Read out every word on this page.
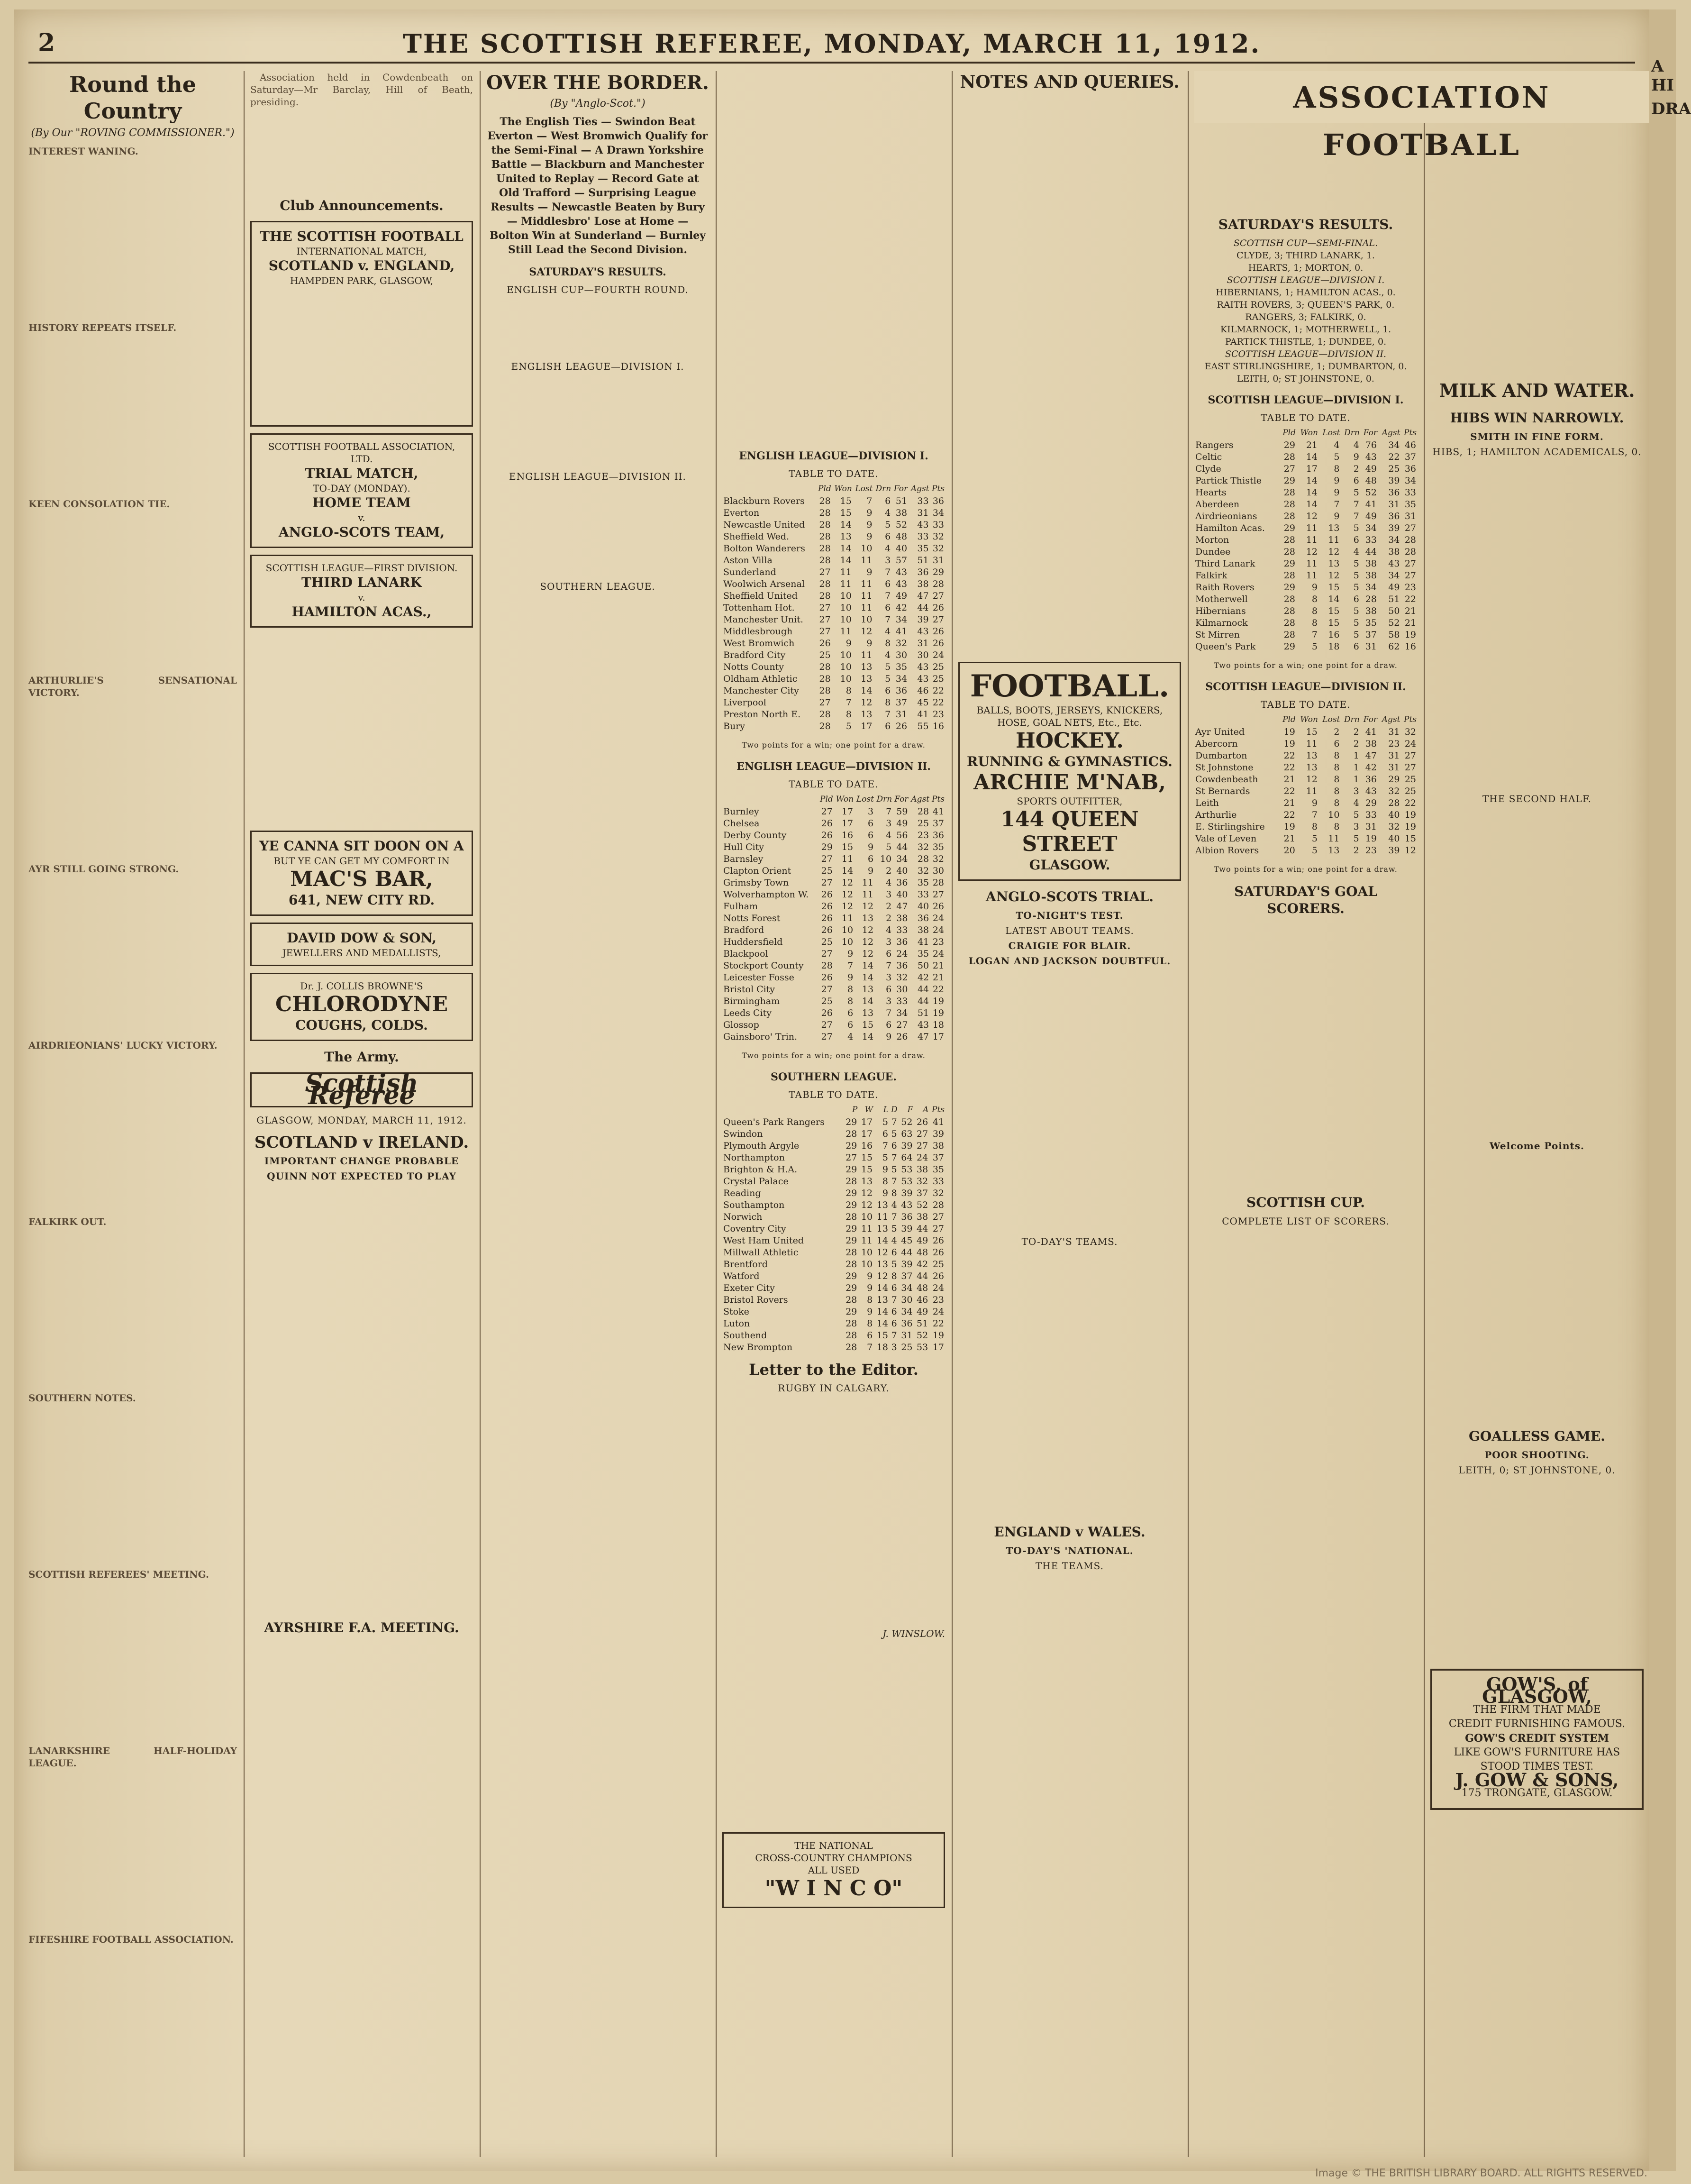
2	THE SCOTTISH REFEREE, MONDAY, MARCH 11, 1912.
Round the Country
(By Our "ROVING COMMISSIONER.")
INTEREST WANING.
HISTORY REPEATS ITSELF.
KEEN CONSOLATION TIE.
ARTHURLIE'S SENSATIONAL VICTORY.
AYR STILL GOING STRONG.
AIRDRIEONIANS' LUCKY VICTORY.
FALKIRK OUT.
SOUTHERN NOTES.
SCOTTISH REFEREES' MEETING.
LANARKSHIRE HALF-HOLIDAY LEAGUE.
FIFESHIRE FOOTBALL ASSOCIATION.

Association held in Cowdenbeath on Saturday—Mr Barclay, Hill of Beath, presiding.

Club Announcements.
THE SCOTTISH FOOTBALL
INTERNATIONAL MATCH,
SCOTLAND v. ENGLAND,
HAMPDEN PARK, GLASGOW,
SCOTTISH FOOTBALL ASSOCIATION, LTD.
TRIAL MATCH,
TO-DAY (MONDAY).
HOME TEAM
v.
ANGLO-SCOTS TEAM,
SCOTTISH LEAGUE—FIRST DIVISION.
THIRD LANARK
v.
HAMILTON ACAS.,
YE CANNA SIT DOON ON A
BUT YE CAN GET MY COMFORT IN
MAC'S BAR,
641, NEW CITY RD.
DAVID DOW & SON,
JEWELLERS AND MEDALLISTS,
Dr. J. COLLIS BROWNE'S
CHLORODYNE
COUGHS, COLDS.
The Army.
Scottish Referee
GLASGOW, MONDAY, MARCH 11, 1912.
SCOTLAND v IRELAND.
IMPORTANT CHANGE PROBABLE
QUINN NOT EXPECTED TO PLAY
AYRSHIRE F.A. MEETING.
OVER THE BORDER.
(By "Anglo-Scot.")
The English Ties — Swindon Beat Everton — West Bromwich Qualify for the Semi-Final — A Drawn Yorkshire Battle — Blackburn and Manchester United to Replay — Record Gate at Old Trafford — Surprising League Results — Newcastle Beaten by Bury — Middlesbro' Lose at Home — Bolton Win at Sunderland — Burnley Still Lead the Second Division.
SATURDAY'S RESULTS.
ENGLISH CUP—FOURTH ROUND.
ENGLISH LEAGUE—DIVISION I.
ENGLISH LEAGUE—DIVISION II.
SOUTHERN LEAGUE.
ENGLISH LEAGUE—DIVISION I.
TABLE TO DATE.
	Pld	Won	Lost	Drn	For	Agst	Pts
Blackburn Rovers	28	15	7	6	51	33	36
Everton	28	15	9	4	38	31	34
Newcastle United	28	14	9	5	52	43	33
Sheffield Wed.	28	13	9	6	48	33	32
Bolton Wanderers	28	14	10	4	40	35	32
Aston Villa	28	14	11	3	57	51	31
Sunderland	27	11	9	7	43	36	29
Woolwich Arsenal	28	11	11	6	43	38	28
Sheffield United	28	10	11	7	49	47	27
Tottenham Hot.	27	10	11	6	42	44	26
Manchester Unit.	27	10	10	7	34	39	27
Middlesbrough	27	11	12	4	41	43	26
West Bromwich	26	9	9	8	32	31	26
Bradford City	25	10	11	4	30	30	24
Notts County	28	10	13	5	35	43	25
Oldham Athletic	28	10	13	5	34	43	25
Manchester City	28	8	14	6	36	46	22
Liverpool	27	7	12	8	37	45	22
Preston North E.	28	8	13	7	31	41	23
Bury	28	5	17	6	26	55	16
Two points for a win; one point for a draw.
ENGLISH LEAGUE—DIVISION II.
TABLE TO DATE.
	Pld	Won	Lost	Drn	For	Agst	Pts
Burnley	27	17	3	7	59	28	41
Chelsea	26	17	6	3	49	25	37
Derby County	26	16	6	4	56	23	36
Hull City	29	15	9	5	44	32	35
Barnsley	27	11	6	10	34	28	32
Clapton Orient	25	14	9	2	40	32	30
Grimsby Town	27	12	11	4	36	35	28
Wolverhampton W.	26	12	11	3	40	33	27
Fulham	26	12	12	2	47	40	26
Notts Forest	26	11	13	2	38	36	24
Bradford	26	10	12	4	33	38	24
Huddersfield	25	10	12	3	36	41	23
Blackpool	27	9	12	6	24	35	24
Stockport County	28	7	14	7	36	50	21
Leicester Fosse	26	9	14	3	32	42	21
Bristol City	27	8	13	6	30	44	22
Birmingham	25	8	14	3	33	44	19
Leeds City	26	6	13	7	34	51	19
Glossop	27	6	15	6	27	43	18
Gainsboro' Trin.	27	4	14	9	26	47	17
Two points for a win; one point for a draw.
SOUTHERN LEAGUE.
TABLE TO DATE.
	P	W	L	D	F	A	Pts
Queen's Park Rangers	29	17	5	7	52	26	41
Swindon	28	17	6	5	63	27	39
Plymouth Argyle	29	16	7	6	39	27	38
Northampton	27	15	5	7	64	24	37
Brighton & H.A.	29	15	9	5	53	38	35
Crystal Palace	28	13	8	7	53	32	33
Reading	29	12	9	8	39	37	32
Southampton	29	12	13	4	43	52	28
Norwich	28	10	11	7	36	38	27
Coventry City	29	11	13	5	39	44	27
West Ham United	29	11	14	4	45	49	26
Millwall Athletic	28	10	12	6	44	48	26
Brentford	28	10	13	5	39	42	25
Watford	29	9	12	8	37	44	26
Exeter City	29	9	14	6	34	48	24
Bristol Rovers	28	8	13	7	30	46	23
Stoke	29	9	14	6	34	49	24
Luton	28	8	14	6	36	51	22
Southend	28	6	15	7	31	52	19
New Brompton	28	7	18	3	25	53	17
Letter to the Editor.
RUGBY IN CALGARY.
J. WINSLOW.
THE NATIONAL
CROSS-COUNTRY CHAMPIONS
ALL USED
"W I N C O"
NOTES AND QUERIES.
FOOTBALL.
BALLS, BOOTS, JERSEYS, KNICKERS, HOSE, GOAL NETS, Etc., Etc.
HOCKEY.
RUNNING & GYMNASTICS.
ARCHIE M'NAB,
SPORTS OUTFITTER,
144 QUEEN STREET
GLASGOW.
ANGLO-SCOTS TRIAL.
TO-NIGHT'S TEST.
LATEST ABOUT TEAMS.
CRAIGIE FOR BLAIR.
LOGAN AND JACKSON DOUBTFUL.
TO-DAY'S TEAMS.
ENGLAND v WALES.
TO-DAY'S 'NATIONAL.
THE TEAMS.
SATURDAY'S RESULTS.
SCOTTISH CUP—SEMI-FINAL.
CLYDE, 3; THIRD LANARK, 1.
HEARTS, 1; MORTON, 0.
SCOTTISH LEAGUE—DIVISION I.
HIBERNIANS, 1; HAMILTON ACAS., 0.
RAITH ROVERS, 3; QUEEN'S PARK, 0.
RANGERS, 3; FALKIRK, 0.
KILMARNOCK, 1; MOTHERWELL, 1.
PARTICK THISTLE, 1; DUNDEE, 0.
SCOTTISH LEAGUE—DIVISION II.
EAST STIRLINGSHIRE, 1; DUMBARTON, 0.
LEITH, 0; ST JOHNSTONE, 0.
SCOTTISH LEAGUE—DIVISION I.
TABLE TO DATE.
	Pld	Won	Lost	Drn	For	Agst	Pts
Rangers	29	21	4	4	76	34	46
Celtic	28	14	5	9	43	22	37
Clyde	27	17	8	2	49	25	36
Partick Thistle	29	14	9	6	48	39	34
Hearts	28	14	9	5	52	36	33
Aberdeen	28	14	7	7	41	31	35
Airdrieonians	28	12	9	7	49	36	31
Hamilton Acas.	29	11	13	5	34	39	27
Morton	28	11	11	6	33	34	28
Dundee	28	12	12	4	44	38	28
Third Lanark	29	11	13	5	38	43	27
Falkirk	28	11	12	5	38	34	27
Raith Rovers	29	9	15	5	34	49	23
Motherwell	28	8	14	6	28	51	22
Hibernians	28	8	15	5	38	50	21
Kilmarnock	28	8	15	5	35	52	21
St Mirren	28	7	16	5	37	58	19
Queen's Park	29	5	18	6	31	62	16
Two points for a win; one point for a draw.
SCOTTISH LEAGUE—DIVISION II.
TABLE TO DATE.
	Pld	Won	Lost	Drn	For	Agst	Pts
Ayr United	19	15	2	2	41	31	32
Abercorn	19	11	6	2	38	23	24
Dumbarton	22	13	8	1	47	31	27
St Johnstone	22	13	8	1	42	31	27
Cowdenbeath	21	12	8	1	36	29	25
St Bernards	22	11	8	3	43	32	25
Leith	21	9	8	4	29	28	22
Arthurlie	22	7	10	5	33	40	19
E. Stirlingshire	19	8	8	3	31	32	19
Vale of Leven	21	5	11	5	19	40	15
Albion Rovers	20	5	13	2	23	39	12
Two points for a win; one point for a draw.
SATURDAY'S GOAL SCORERS.
SCOTTISH CUP.
COMPLETE LIST OF SCORERS.
ASSOCIATION FOOTBALL
MILK AND WATER.
HIBS WIN NARROWLY.
SMITH IN FINE FORM.
HIBS, 1; HAMILTON ACADEMICALS, 0.
THE SECOND HALF.
Welcome Points.
GOALLESS GAME.
POOR SHOOTING.
LEITH, 0; ST JOHNSTONE, 0.
GOW'S, of GLASGOW,
THE FIRM THAT MADE
CREDIT FURNISHING FAMOUS.
GOW'S CREDIT SYSTEM
LIKE GOW'S FURNITURE HAS
STOOD TIMES TEST.
J. GOW & SONS,
175 TRONGATE, GLASGOW.
A HI
DRA
Image © THE BRITISH LIBRARY BOARD. ALL RIGHTS RESERVED.
